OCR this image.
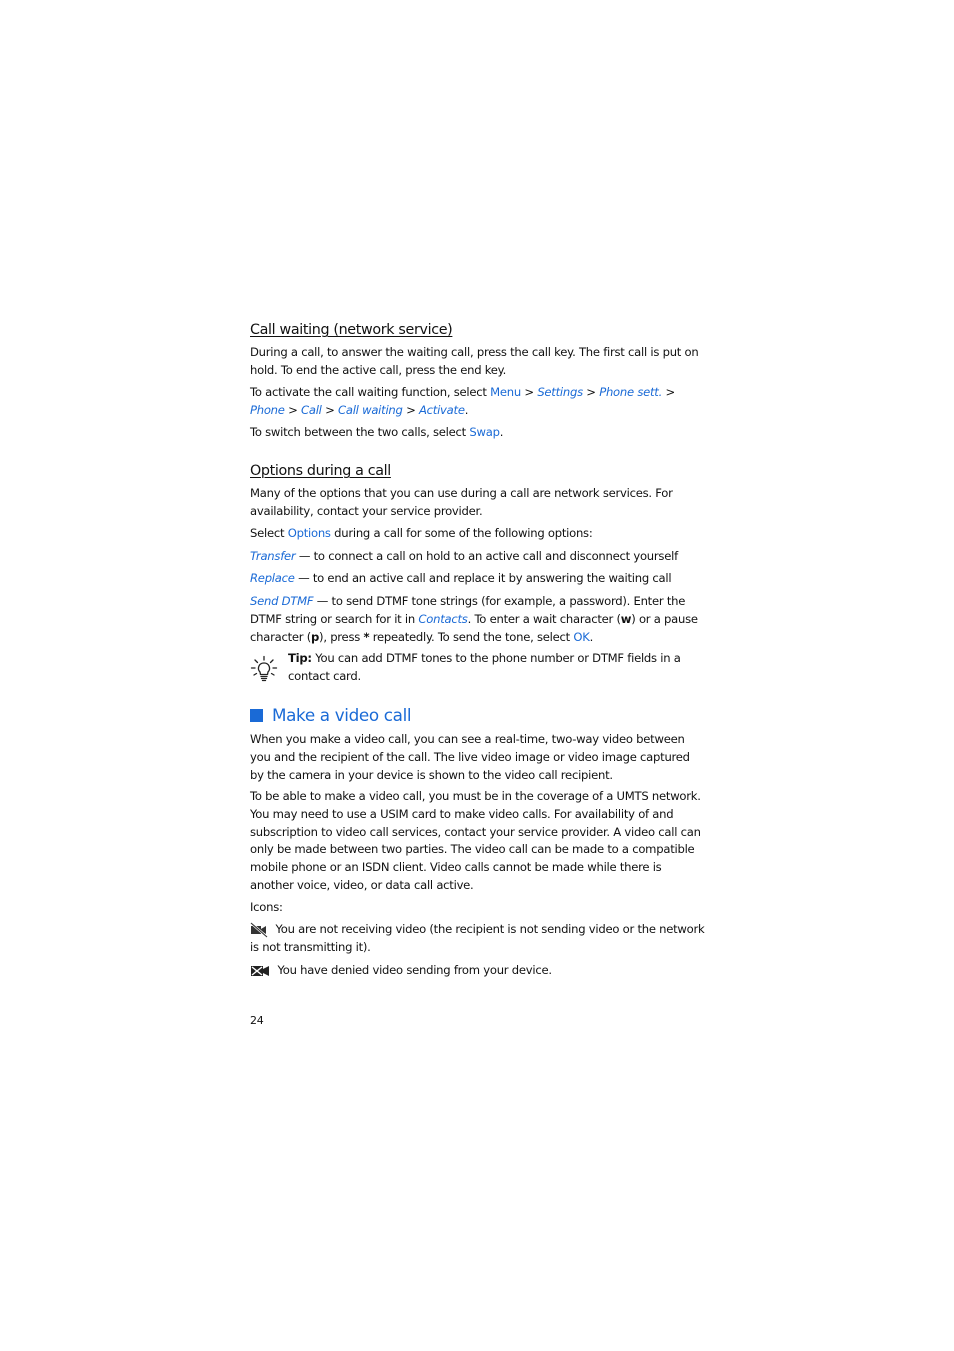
Call waiting (network service)
During a call, to answer the waiting call, press the call key. The first call is put on hold. To end the active call, press the end key.
To activate the call waiting function, select Menu > Settings > Phone sett. > Phone > Call > Call waiting > Activate.
To switch between the two calls, select Swap.
Options during a call
Many of the options that you can use during a call are network services. For availability, contact your service provider.
Select Options during a call for some of the following options:
Transfer — to connect a call on hold to an active call and disconnect yourself
Replace — to end an active call and replace it by answering the waiting call
Send DTMF — to send DTMF tone strings (for example, a password). Enter the DTMF string or search for it in Contacts. To enter a wait character (w) or a pause character (p), press * repeatedly. To send the tone, select OK.
Tip: You can add DTMF tones to the phone number or DTMF fields in a contact card.
Make a video call
When you make a video call, you can see a real-time, two-way video between you and the recipient of the call. The live video image or video image captured by the camera in your device is shown to the video call recipient.
To be able to make a video call, you must be in the coverage of a UMTS network. You may need to use a USIM card to make video calls. For availability of and subscription to video call services, contact your service provider. A video call can only be made between two parties. The video call can be made to a compatible mobile phone or an ISDN client. Video calls cannot be made while there is another voice, video, or data call active.
Icons:
You are not receiving video (the recipient is not sending video or the network is not transmitting it).
You have denied video sending from your device.
24
